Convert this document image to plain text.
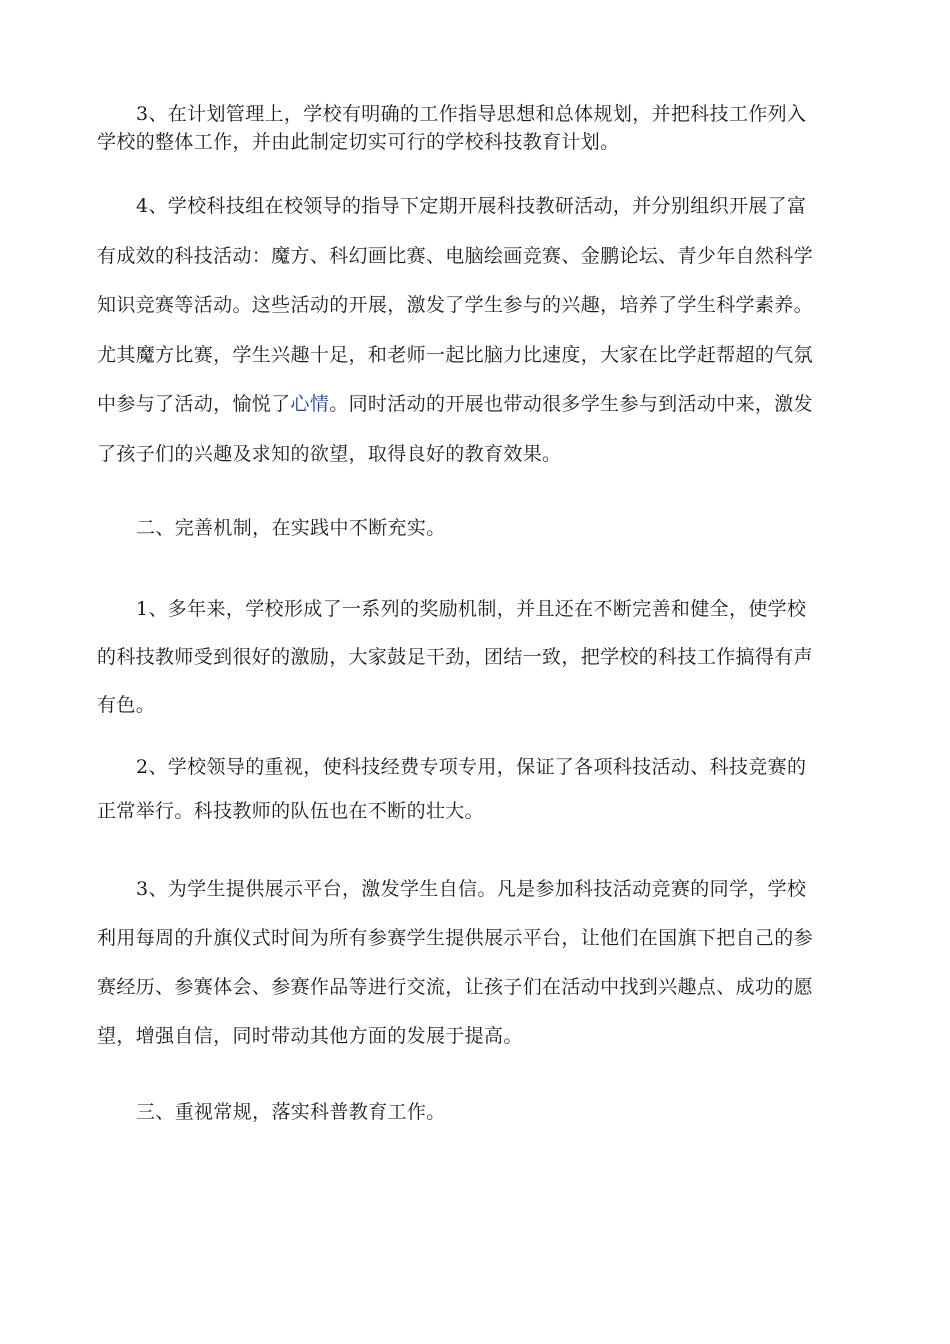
3、在计划管理上，学校有明确的工作指导思想和总体规划，并把科技工作列入
学校的整体工作，并由此制定切实可行的学校科技教育计划。

4、学校科技组在校领导的指导下定期开展科技教研活动，并分别组织开展了富
有成效的科技活动：魔方、科幻画比赛、电脑绘画竞赛、金鹏论坛、青少年自然科学
知识竞赛等活动。这些活动的开展，激发了学生参与的兴趣，培养了学生科学素养。
尤其魔方比赛，学生兴趣十足，和老师一起比脑力比速度，大家在比学赶帮超的气氛
中参与了活动，愉悦了心情。同时活动的开展也带动很多学生参与到活动中来，激发
了孩子们的兴趣及求知的欲望，取得良好的教育效果。

二、完善机制，在实践中不断充实。

1、多年来，学校形成了一系列的奖励机制，并且还在不断完善和健全，使学校
的科技教师受到很好的激励，大家鼓足干劲，团结一致，把学校的科技工作搞得有声
有色。

2、学校领导的重视，使科技经费专项专用，保证了各项科技活动、科技竞赛的
正常举行。科技教师的队伍也在不断的壮大。

3、为学生提供展示平台，激发学生自信。凡是参加科技活动竞赛的同学，学校
利用每周的升旗仪式时间为所有参赛学生提供展示平台，让他们在国旗下把自己的参
赛经历、参赛体会、参赛作品等进行交流，让孩子们在活动中找到兴趣点、成功的愿
望，增强自信，同时带动其他方面的发展于提高。

三、重视常规，落实科普教育工作。
